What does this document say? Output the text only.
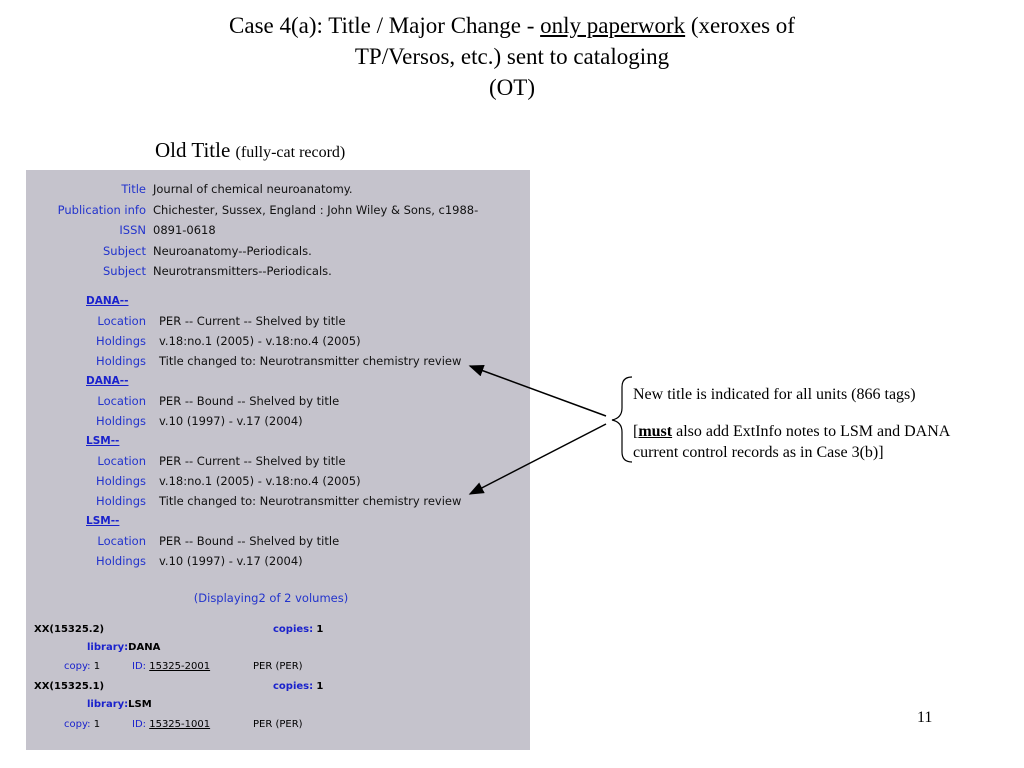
Case 4(a): Title / Major Change - only paperwork (xeroxes of
TP/Versos, etc.) sent to cataloging
(OT)
Old Title (fully-cat record)
Title Journal of chemical neuroanatomy.
Publication info Chichester, Sussex, England : John Wiley & Sons, c1988-
ISSN 0891-0618
Subject Neuroanatomy--Periodicals.
Subject Neurotransmitters--Periodicals.
DANA--
Location PER -- Current -- Shelved by title
Holdings v.18:no.1 (2005) - v.18:no.4 (2005)
Holdings Title changed to: Neurotransmitter chemistry review
DANA--
Location PER -- Bound -- Shelved by title
Holdings v.10 (1997) - v.17 (2004)
LSM--
Location PER -- Current -- Shelved by title
Holdings v.18:no.1 (2005) - v.18:no.4 (2005)
Holdings Title changed to: Neurotransmitter chemistry review
LSM--
Location PER -- Bound -- Shelved by title
Holdings v.10 (1997) - v.17 (2004)
(Displaying2 of 2 volumes)
XX(15325.2)	copies: 1
library:DANA
copy: 1	ID: 15325-2001	PER (PER)
XX(15325.1)	copies: 1
library:LSM
copy: 1	ID: 15325-1001	PER (PER)
New title is indicated for all units (866 tags)
[must also add ExtInfo notes to LSM and DANA current control records as in Case 3(b)]
11
